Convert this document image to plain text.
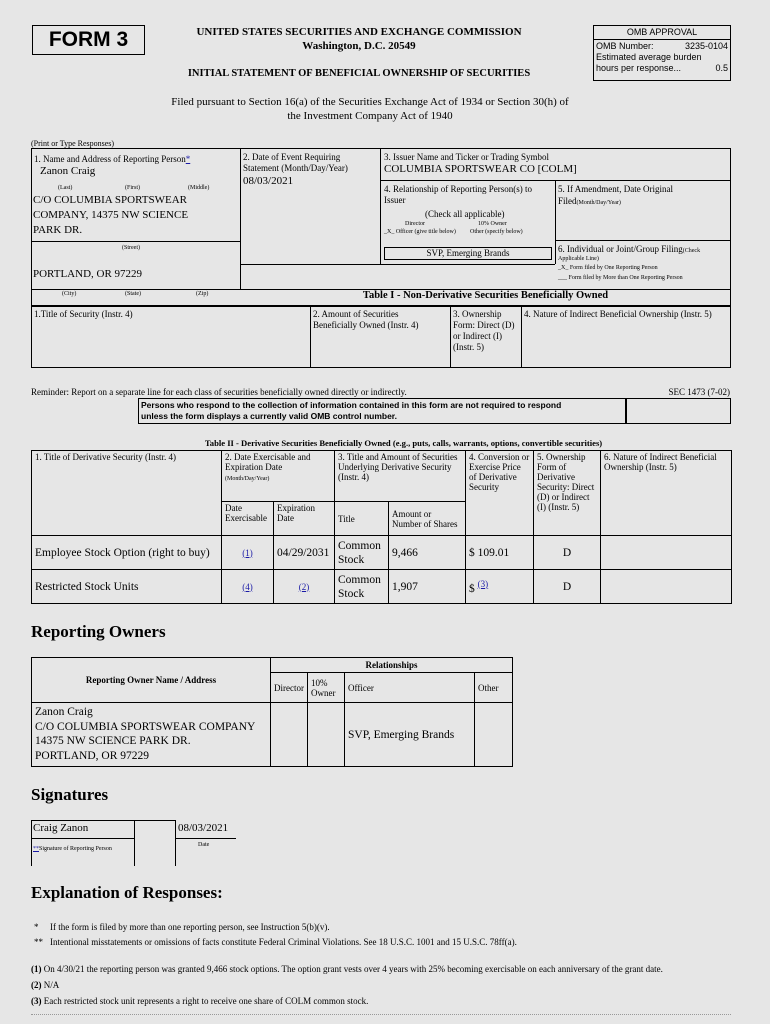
FORM 3	UNITED STATES SECURITIES AND EXCHANGE COMMISSION
Washington, D.C. 20549
INITIAL STATEMENT OF BENEFICIAL OWNERSHIP OF SECURITIES
OMB APPROVAL
OMB Number:	3235-0104
Estimated average burden
hours per response...	0.5
Filed pursuant to Section 16(a) of the Securities Exchange Act of 1934 or Section 30(h) of
the Investment Company Act of 1940
(Print or Type Responses)
1. Name and Address of Reporting Person*
Zanon Craig
(Last)	(First)	(Middle)
C/O COLUMBIA SPORTSWEAR
COMPANY, 14375 NW SCIENCE
PARK DR.
(Street)
PORTLAND, OR 97229
(City)	(State)	(Zip)
2. Date of Event Requiring
Statement (Month/Day/Year)
08/03/2021
3. Issuer Name and Ticker or Trading Symbol
COLUMBIA SPORTSWEAR CO [COLM]
4. Relationship of Reporting Person(s) to
Issuer
(Check all applicable)
Director	10% Owner
_X_ Officer (give title below)	Other (specify below)
SVP, Emerging Brands
5. If Amendment, Date Original
Filed(Month/Day/Year)
6. Individual or Joint/Group Filing(Check
Applicable Line)
_X_ Form filed by One Reporting Person
___ Form filed by More than One Reporting Person
Table I - Non-Derivative Securities Beneficially Owned
1.Title of Security (Instr. 4)	2. Amount of Securities Beneficially Owned (Instr. 4)
3. Ownership Form: Direct (D) or Indirect (I) (Instr. 5)
4. Nature of Indirect Beneficial Ownership (Instr. 5)
Reminder: Report on a separate line for each class of securities beneficially owned directly or indirectly.	SEC 1473 (7-02)
Persons who respond to the collection of information contained in this form are not required to respond
unless the form displays a currently valid OMB control number.
Table II - Derivative Securities Beneficially Owned (e.g., puts, calls, warrants, options, convertible securities)
1. Title of Derivative Security (Instr. 4)	2. Date Exercisable and Expiration Date
(Month/Day/Year)		3. Title and Amount of Securities Underlying Derivative Security (Instr. 4)		4. Conversion or Exercise Price of Derivative Security	5. Ownership Form of Derivative Security: Direct (D) or Indirect (I) (Instr. 5)	6. Nature of Indirect Beneficial Ownership (Instr. 5)
	Date Exercisable	Expiration Date	Title	Amount or Number of Shares			
Employee Stock Option (right to buy)	(1)	04/29/2031	Common Stock	9,466	$ 109.01	D	
Restricted Stock Units	(4)	(2)	Common Stock	1,907	$ $^{(3)}$	D	
Reporting Owners
Reporting Owner Name / Address	Relationships			
	Director	10% Owner	Officer	Other

Zanon Craig
C/O COLUMBIA SPORTSWEAR COMPANY
14375 NW SCIENCE PARK DR.
PORTLAND, OR 97229			SVP, Emerging Brands	
Signatures
Craig Zanon	08/03/2021
**Signature of Reporting Person
Date
Explanation of Responses:
* If the form is filed by more than one reporting person, see Instruction 5(b)(v).
** Intentional misstatements or omissions of facts constitute Federal Criminal Violations. See 18 U.S.C. 1001 and 15 U.S.C. 78ff(a).
(1) On 4/30/21 the reporting person was granted 9,466 stock options. The option grant vests over 4 years with 25% becoming exercisable on each anniversary of the grant date.
(2) N/A
(3) Each restricted stock unit represents a right to receive one share of COLM common stock.
